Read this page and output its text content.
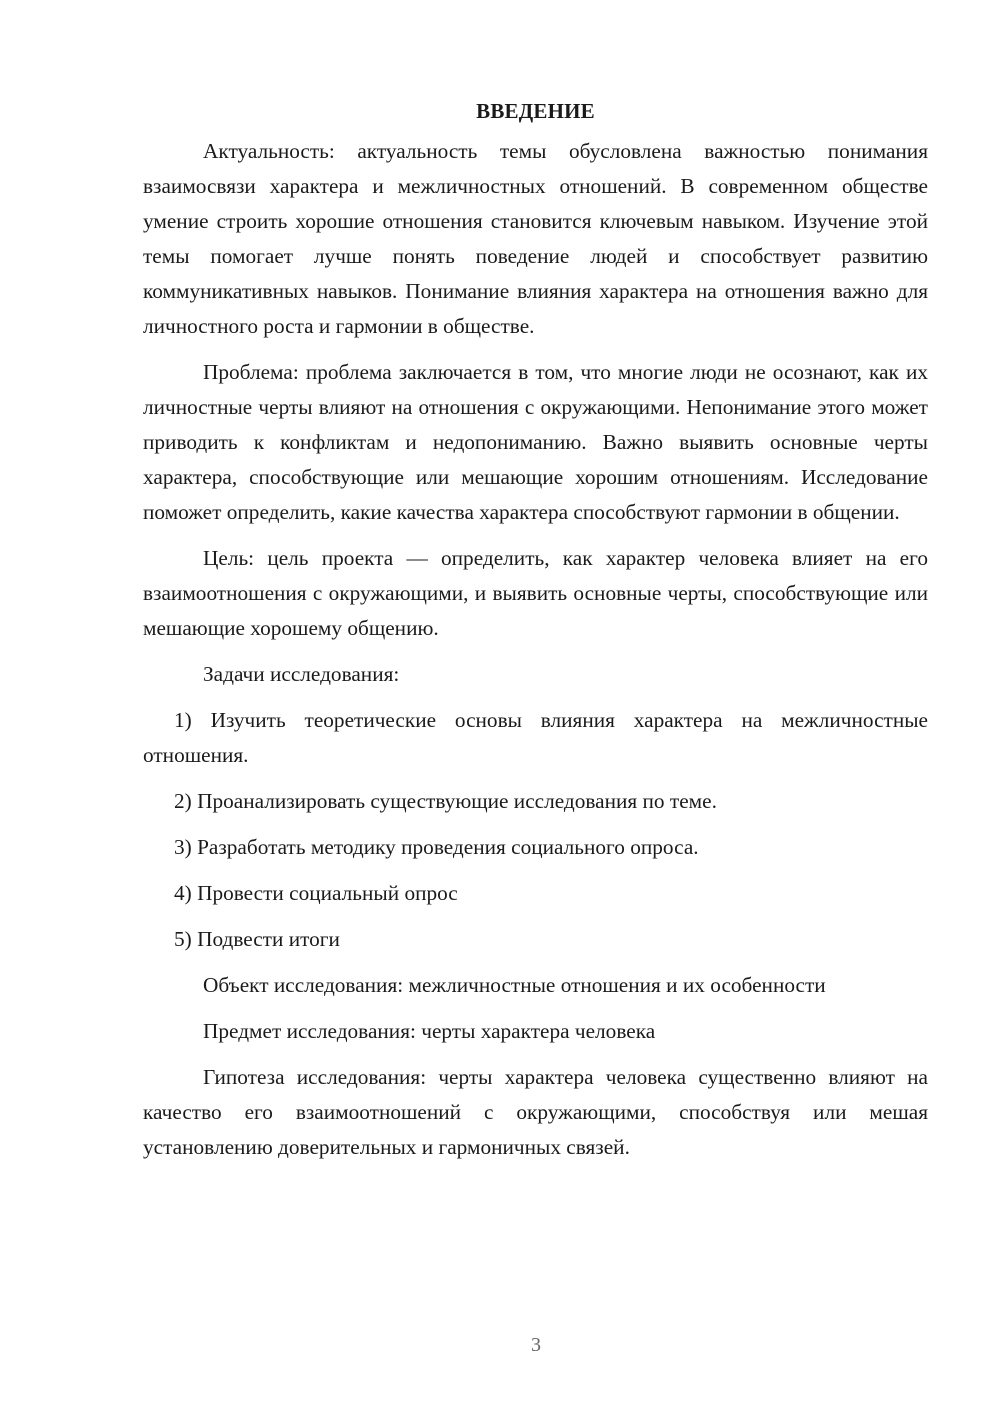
ВВЕДЕНИЕ

Актуальность: актуальность темы обусловлена важностью понимания взаимосвязи характера и межличностных отношений. В современном обществе умение строить хорошие отношения становится ключевым навыком. Изучение этой темы помогает лучше понять поведение людей и способствует развитию коммуникативных навыков. Понимание влияния характера на отношения важно для личностного роста и гармонии в обществе.

Проблема: проблема заключается в том, что многие люди не осознают, как их личностные черты влияют на отношения с окружающими. Непонимание этого может приводить к конфликтам и недопониманию. Важно выявить основные черты характера, способствующие или мешающие хорошим отношениям. Исследование поможет определить, какие качества характера способствуют гармонии в общении.

Цель: цель проекта — определить, как характер человека влияет на его взаимоотношения с окружающими, и выявить основные черты, способствующие или мешающие хорошему общению.

Задачи исследования:

1) Изучить теоретические основы влияния характера на межличностные отношения.

2) Проанализировать существующие исследования по теме.

3) Разработать методику проведения социального опроса.

4) Провести социальный опрос

5) Подвести итоги

Объект исследования: межличностные отношения и их особенности

Предмет исследования: черты характера человека

Гипотеза исследования: черты характера человека существенно влияют на качество его взаимоотношений с окружающими, способствуя или мешая установлению доверительных и гармоничных связей.

3
